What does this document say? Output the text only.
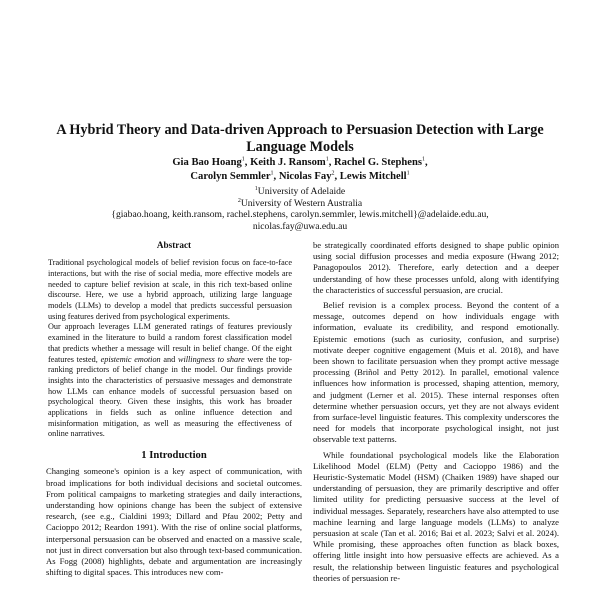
A Hybrid Theory and Data-driven Approach to Persuasion Detection with Large Language Models
Gia Bao Hoang$^1$, Keith J. Ransom$^1$, Rachel G. Stephens$^1$,
Carolyn Semmler$^1$, Nicolas Fay$^2$, Lewis Mitchell$^1$
$^1$University of Adelaide
$^2$University of Western Australia
{giabao.hoang, keith.ransom, rachel.stephens, carolyn.semmler, lewis.mitchell}@adelaide.edu.au,
nicolas.fay@uwa.edu.au
Abstract

Traditional psychological models of belief revision focus on face-to-face interactions, but with the rise of social media, more effective models are needed to capture belief revision at scale, in this rich text-based online discourse. Here, we use a hybrid approach, utilizing large language models (LLMs) to develop a model that predicts successful persuasion using features derived from psychological experiments.

Our approach leverages LLM generated ratings of features previously examined in the literature to build a random forest classification model that predicts whether a message will result in belief change. Of the eight features tested, epistemic emotion and willingness to share were the top-ranking predictors of belief change in the model. Our findings provide insights into the characteristics of persuasive messages and demonstrate how LLMs can enhance models of successful persuasion based on psychological theory. Given these insights, this work has broader applications in fields such as online influence detection and misinformation mitigation, as well as measuring the effectiveness of online narratives.

1 Introduction

Changing someone's opinion is a key aspect of communication, with broad implications for both individual decisions and societal outcomes. From political campaigns to marketing strategies and daily interactions, understanding how opinions change has been the subject of extensive research, (see e.g., Cialdini 1993; Dillard and Pfau 2002; Petty and Cacioppo 2012; Reardon 1991). With the rise of online social platforms, interpersonal persuasion can be observed and enacted on a massive scale, not just in direct conversation but also through text-based communication. As Fogg (2008) highlights, debate and argumentation are increasingly shifting to digital spaces. This introduces new com-

be strategically coordinated efforts designed to shape public opinion using social diffusion processes and media exposure (Hwang 2012; Panagopoulos 2012). Therefore, early detection and a deeper understanding of how these processes unfold, along with identifying the characteristics of successful persuasion, are crucial.

Belief revision is a complex process. Beyond the content of a message, outcomes depend on how individuals engage with information, evaluate its credibility, and respond emotionally. Epistemic emotions (such as curiosity, confusion, and surprise) motivate deeper cognitive engagement (Muis et al. 2018), and have been shown to facilitate persuasion when they prompt active message processing (Briñol and Petty 2012). In parallel, emotional valence influences how information is processed, shaping attention, memory, and judgment (Lerner et al. 2015). These internal responses often determine whether persuasion occurs, yet they are not always evident from surface-level linguistic features. This complexity underscores the need for models that incorporate psychological insight, not just observable text patterns.

While foundational psychological models like the Elaboration Likelihood Model (ELM) (Petty and Cacioppo 1986) and the Heuristic-Systematic Model (HSM) (Chaiken 1989) have shaped our understanding of persuasion, they are primarily descriptive and offer limited utility for predicting persuasive success at the level of individual messages. Separately, researchers have also attempted to use machine learning and large language models (LLMs) to analyze persuasion at scale (Tan et al. 2016; Bai et al. 2023; Salvi et al. 2024). While promising, these approaches often function as black boxes, offering little insight into how persuasive effects are achieved. As a result, the relationship between linguistic features and psychological theories of persuasion re-
